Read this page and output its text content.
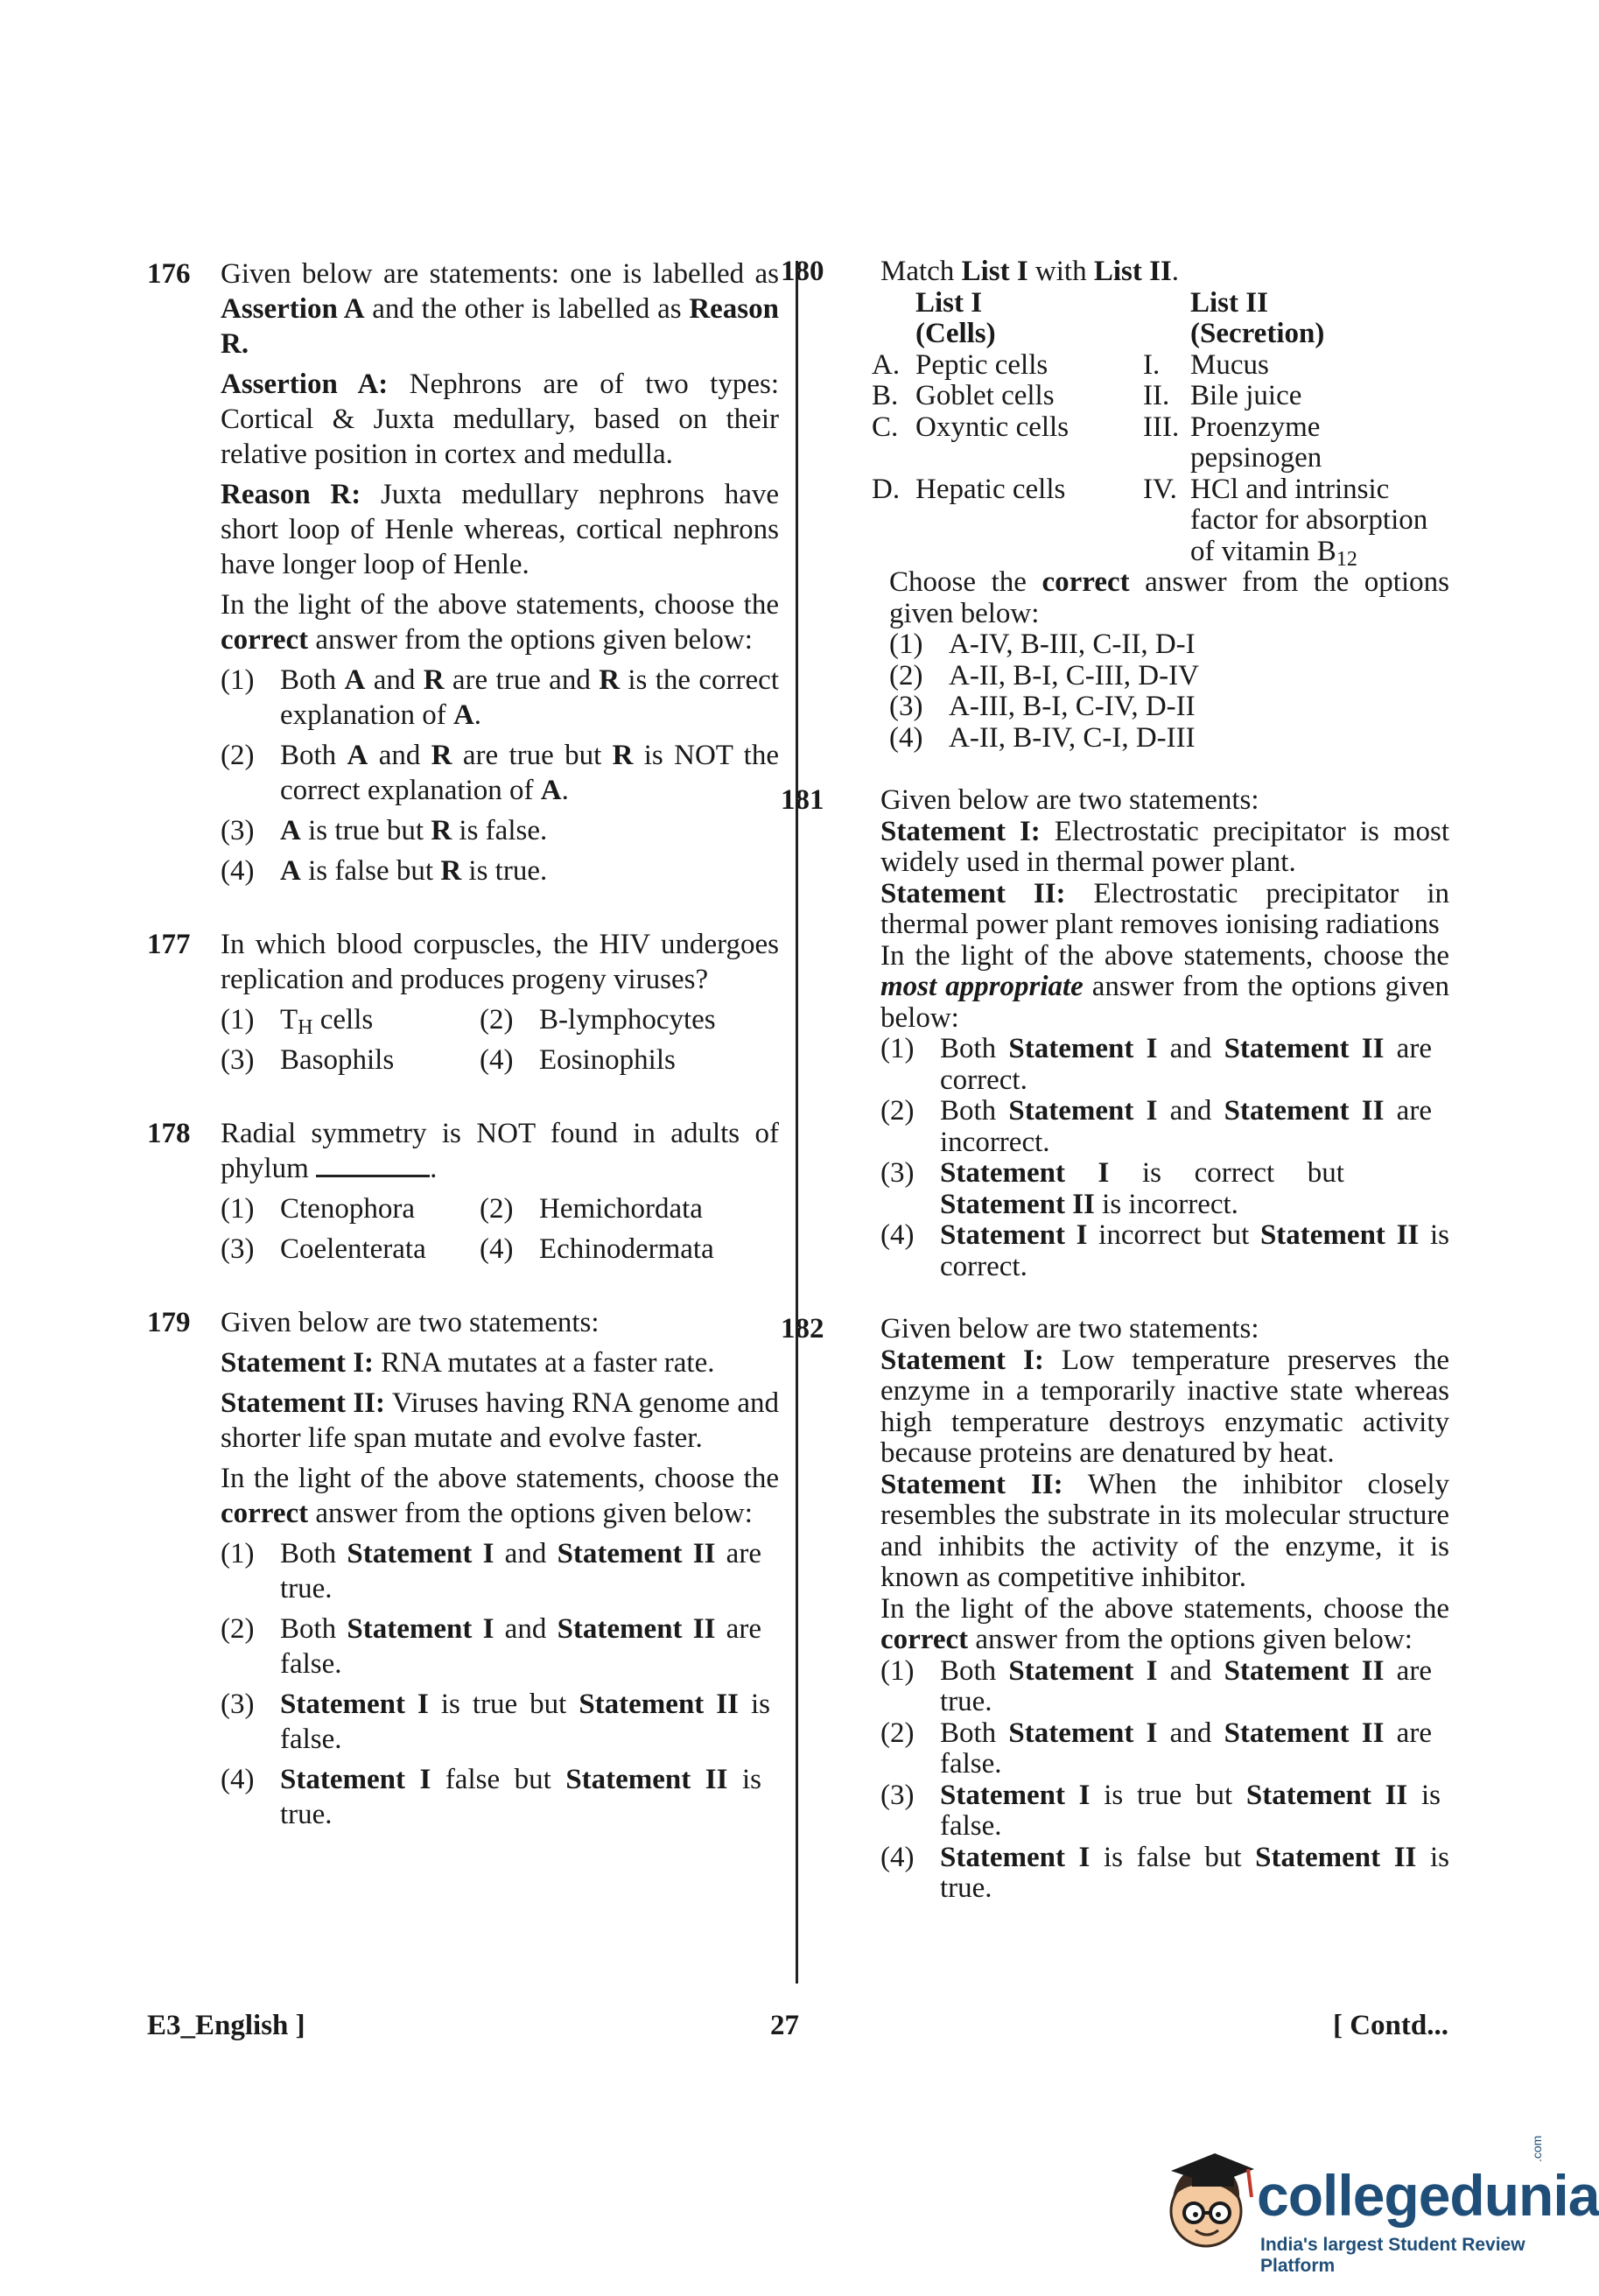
176 Given below are statements: one is labelled as Assertion A and the other is labelled as Reason R.

Assertion A: Nephrons are of two types: Cortical & Juxta medullary, based on their relative position in cortex and medulla.

Reason R: Juxta medullary nephrons have short loop of Henle whereas, cortical nephrons have longer loop of Henle.

In the light of the above statements, choose the correct answer from the options given below:

(1) Both A and R are true and R is the correct explanation of A.
(2) Both A and R are true but R is NOT the correct explanation of A.
(3) A is true but R is false.
(4) A is false but R is true.
177 In which blood corpuscles, the HIV undergoes replication and produces progeny viruses?

(1) $T_H$ cells	(2) B-lymphocytes
(3) Basophils	(4) Eosinophils
178 Radial symmetry is NOT found in adults of phylum	.

(1) Ctenophora	(2) Hemichordata
(3) Coelenterata	(4) Echinodermata
179 Given below are two statements:

Statement I: RNA mutates at a faster rate.

Statement II: Viruses having RNA genome and shorter life span mutate and evolve faster.

In the light of the above statements, choose the correct answer from the options given below:

(1) Both Statement I and Statement II are true.
(2) Both Statement I and Statement II are false.
(3) Statement I is true but Statement II is false.
(4) Statement I false but Statement II is true.
180 Match List I with List II.

List I	List II
(Cells)	(Secretion)
A. Peptic cells	I.	Mucus
B. Goblet cells	II. Bile juice
C. Oxyntic cells	III. Proenzyme pepsinogen
D. Hepatic cells	IV. HCl and intrinsic factor for absorption of vitamin $B_{12}$

Choose the correct answer from the options given below:

(1) A-IV, B-III, C-II, D-I
(2) A-II, B-I, C-III, D-IV
(3) A-III, B-I, C-IV, D-II
(4) A-II, B-IV, C-I, D-III
181 Given below are two statements:

Statement I: Electrostatic precipitator is most widely used in thermal power plant.

Statement II: Electrostatic precipitator in thermal power plant removes ionising radiations

In the light of the above statements, choose the most appropriate answer from the options given below:

(1) Both Statement I and Statement II are correct.
(2) Both Statement I and Statement II are incorrect.
(3) Statement I is correct but Statement II is incorrect.
(4) Statement I incorrect but Statement II is correct.
182 Given below are two statements:

Statement I: Low temperature preserves the enzyme in a temporarily inactive state whereas high temperature destroys enzymatic activity because proteins are denatured by heat.

Statement II: When the inhibitor closely resembles the substrate in its molecular structure and inhibits the activity of the enzyme, it is known as competitive inhibitor.

In the light of the above statements, choose the correct answer from the options given below:

(1) Both Statement I and Statement II are true.
(2) Both Statement I and Statement II are false.
(3) Statement I is true but Statement II is false.
(4) Statement I is false but Statement II is true.
E3_English ]	27	[ Contd...
collegedunia
.com
India's largest Student Review Platform
